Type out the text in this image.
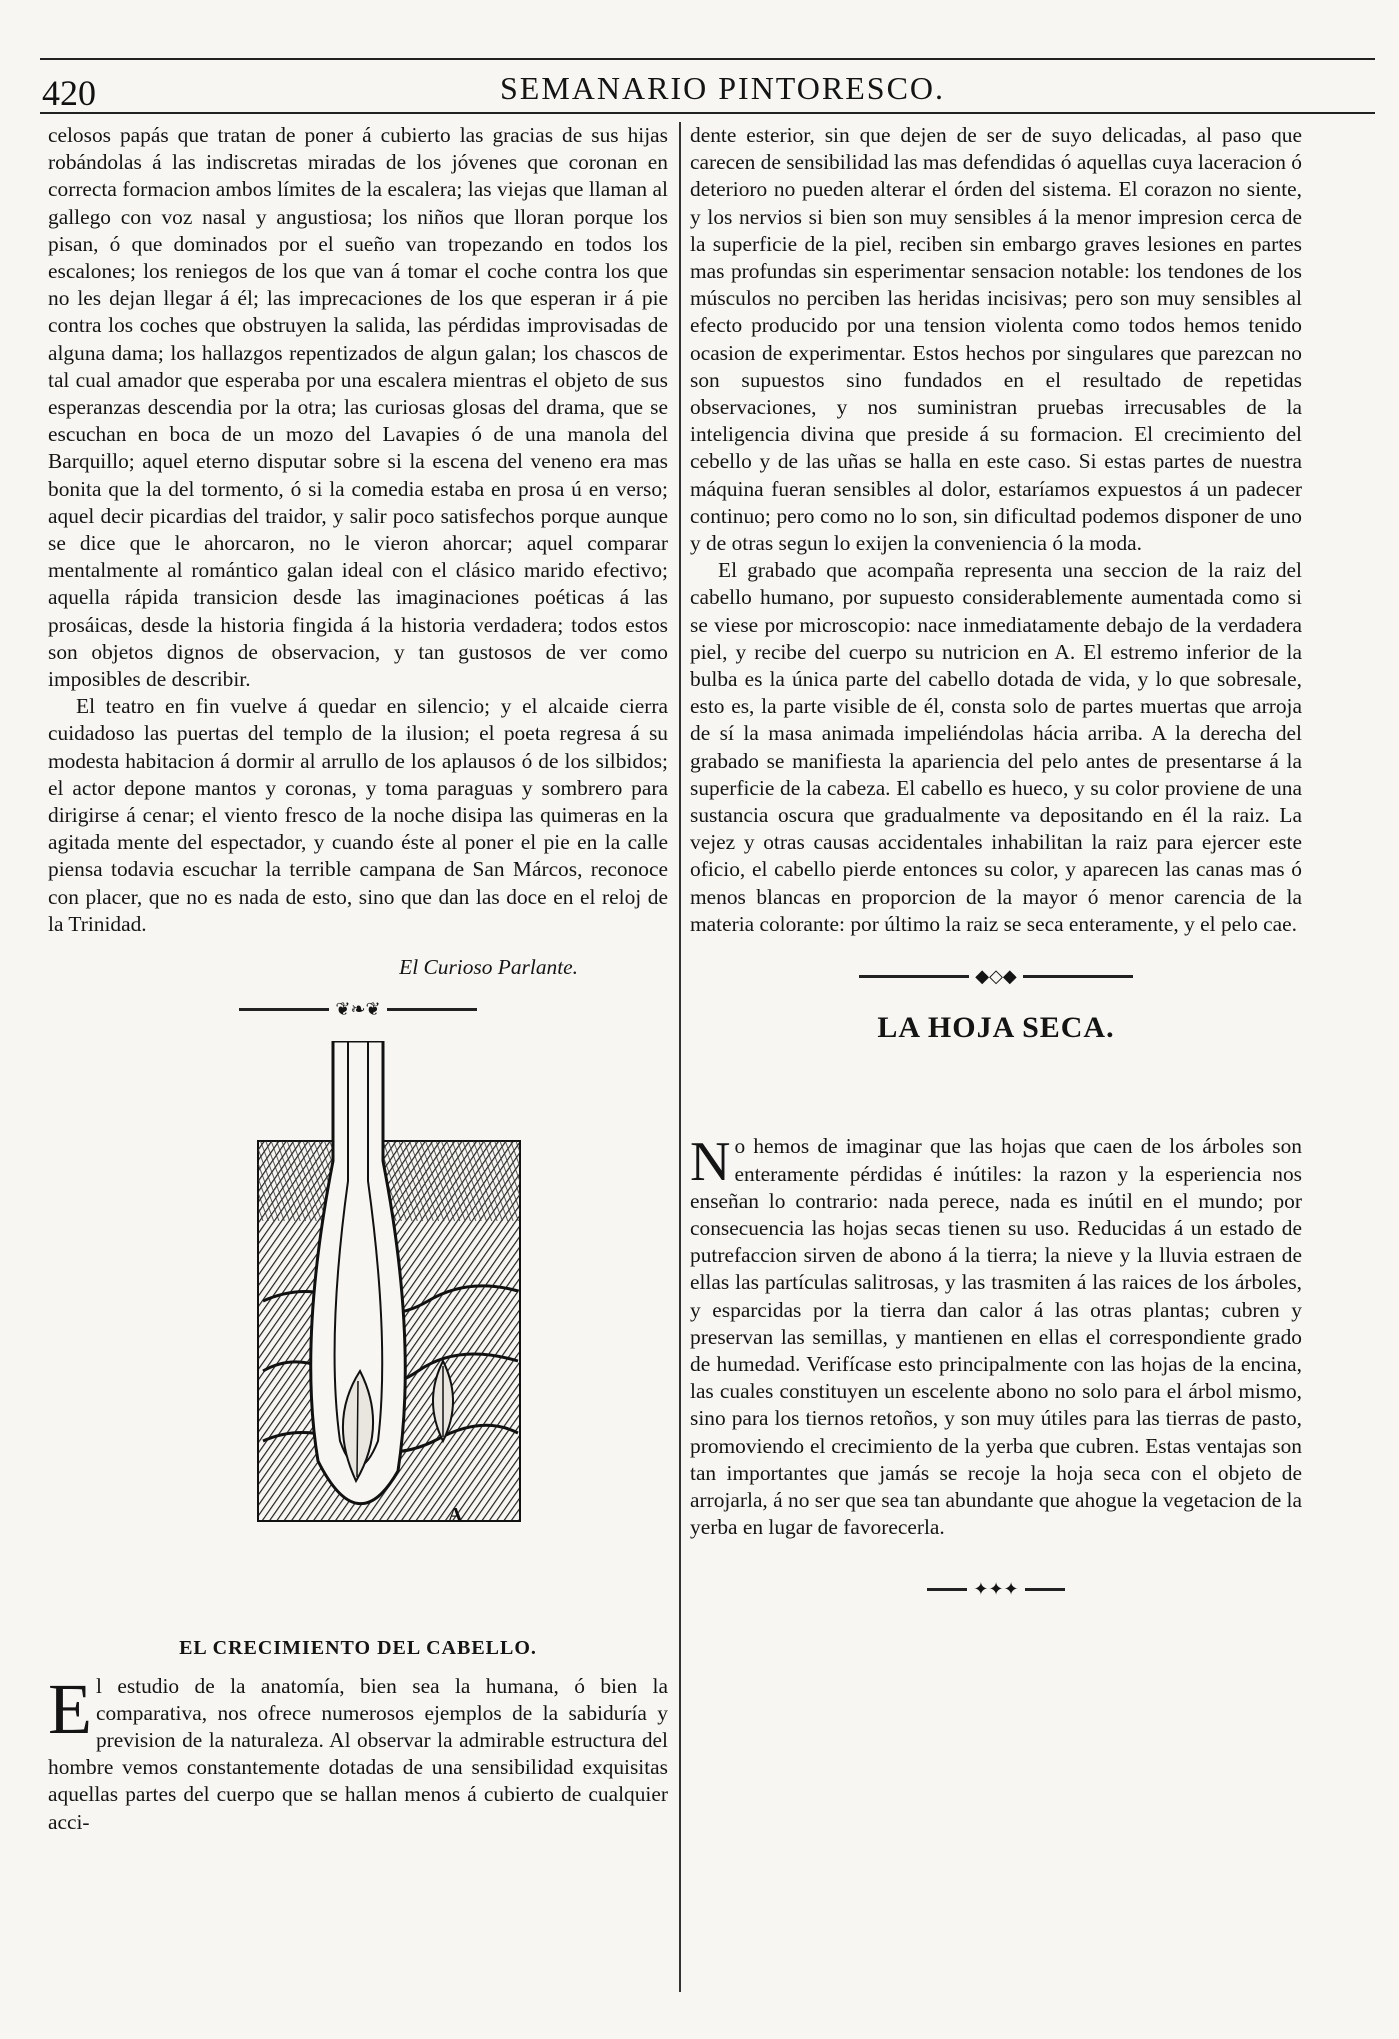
420	SEMANARIO PINTORESCO.

celosos papás que tratan de poner á cubierto las gracias de sus hijas robándolas á las indiscretas miradas de los jóvenes que coronan en correcta formacion ambos límites de la escalera; las viejas que llaman al gallego con voz nasal y angustiosa; los niños que lloran porque los pisan, ó que dominados por el sueño van tropezando en todos los escalones; los reniegos de los que van á tomar el coche contra los que no les dejan llegar á él; las imprecaciones de los que esperan ir á pie contra los coches que obstruyen la salida, las pérdidas improvisadas de alguna dama; los hallazgos repentizados de algun galan; los chascos de tal cual amador que esperaba por una escalera mientras el objeto de sus esperanzas descendia por la otra; las curiosas glosas del drama, que se escuchan en boca de un mozo del Lavapies ó de una manola del Barquillo; aquel eterno disputar sobre si la escena del veneno era mas bonita que la del tormento, ó si la comedia estaba en prosa ú en verso; aquel decir picardias del traidor, y salir poco satisfechos porque aunque se dice que le ahorcaron, no le vieron ahorcar; aquel comparar mentalmente al romántico galan ideal con el clásico marido efectivo; aquella rápida transicion desde las imaginaciones poéticas á las prosáicas, desde la historia fingida á la historia verdadera; todos estos son objetos dignos de observacion, y tan gustosos de ver como imposibles de describir.

El teatro en fin vuelve á quedar en silencio; y el alcaide cierra cuidadoso las puertas del templo de la ilusion; el poeta regresa á su modesta habitacion á dormir al arrullo de los aplausos ó de los silbidos; el actor depone mantos y coronas, y toma paraguas y sombrero para dirigirse á cenar; el viento fresco de la noche disipa las quimeras en la agitada mente del espectador, y cuando éste al poner el pie en la calle piensa todavia escuchar la terrible campana de San Márcos, reconoce con placer, que no es nada de esto, sino que dan las doce en el reloj de la Trinidad.

El Curioso Parlante.
❦❧❦
A
EL CRECIMIENTO DEL CABELLO.

El estudio de la anatomía, bien sea la humana, ó bien la comparativa, nos ofrece numerosos ejemplos de la sabiduría y prevision de la naturaleza. Al observar la admirable estructura del hombre vemos constantemente dotadas de una sensibilidad exquisitas aquellas partes del cuerpo que se hallan menos á cubierto de cualquier acci-

dente esterior, sin que dejen de ser de suyo delicadas, al paso que carecen de sensibilidad las mas defendidas ó aquellas cuya laceracion ó deterioro no pueden alterar el órden del sistema. El corazon no siente, y los nervios si bien son muy sensibles á la menor impresion cerca de la superficie de la piel, reciben sin embargo graves lesiones en partes mas profundas sin esperimentar sensacion notable: los tendones de los músculos no perciben las heridas incisivas; pero son muy sensibles al efecto producido por una tension violenta como todos hemos tenido ocasion de experimentar. Estos hechos por singulares que parezcan no son supuestos sino fundados en el resultado de repetidas observaciones, y nos suministran pruebas irrecusables de la inteligencia divina que preside á su formacion. El crecimiento del cebello y de las uñas se halla en este caso. Si estas partes de nuestra máquina fueran sensibles al dolor, estaríamos expuestos á un padecer continuo; pero como no lo son, sin dificultad podemos disponer de uno y de otras segun lo exijen la conveniencia ó la moda.

El grabado que acompaña representa una seccion de la raiz del cabello humano, por supuesto considerablemente aumentada como si se viese por microscopio: nace inmediatamente debajo de la verdadera piel, y recibe del cuerpo su nutricion en A. El estremo inferior de la bulba es la única parte del cabello dotada de vida, y lo que sobresale, esto es, la parte visible de él, consta solo de partes muertas que arroja de sí la masa animada impeliéndolas hácia arriba. A la derecha del grabado se manifiesta la apariencia del pelo antes de presentarse á la superficie de la cabeza. El cabello es hueco, y su color proviene de una sustancia oscura que gradualmente va depositando en él la raiz. La vejez y otras causas accidentales inhabilitan la raiz para ejercer este oficio, el cabello pierde entonces su color, y aparecen las canas mas ó menos blancas en proporcion de la mayor ó menor carencia de la materia colorante: por último la raiz se seca enteramente, y el pelo cae.

◆◇◆
LA HOJA SECA.

No hemos de imaginar que las hojas que caen de los árboles son enteramente pérdidas é inútiles: la razon y la esperiencia nos enseñan lo contrario: nada perece, nada es inútil en el mundo; por consecuencia las hojas secas tienen su uso. Reducidas á un estado de putrefaccion sirven de abono á la tierra; la nieve y la lluvia estraen de ellas las partículas salitrosas, y las trasmiten á las raices de los árboles, y esparcidas por la tierra dan calor á las otras plantas; cubren y preservan las semillas, y mantienen en ellas el correspondiente grado de humedad. Verifícase esto principalmente con las hojas de la encina, las cuales constituyen un escelente abono no solo para el árbol mismo, sino para los tiernos retoños, y son muy útiles para las tierras de pasto, promoviendo el crecimiento de la yerba que cubren. Estas ventajas son tan importantes que jamás se recoje la hoja seca con el objeto de arrojarla, á no ser que sea tan abundante que ahogue la vegetacion de la yerba en lugar de favorecerla.

✦✦✦
